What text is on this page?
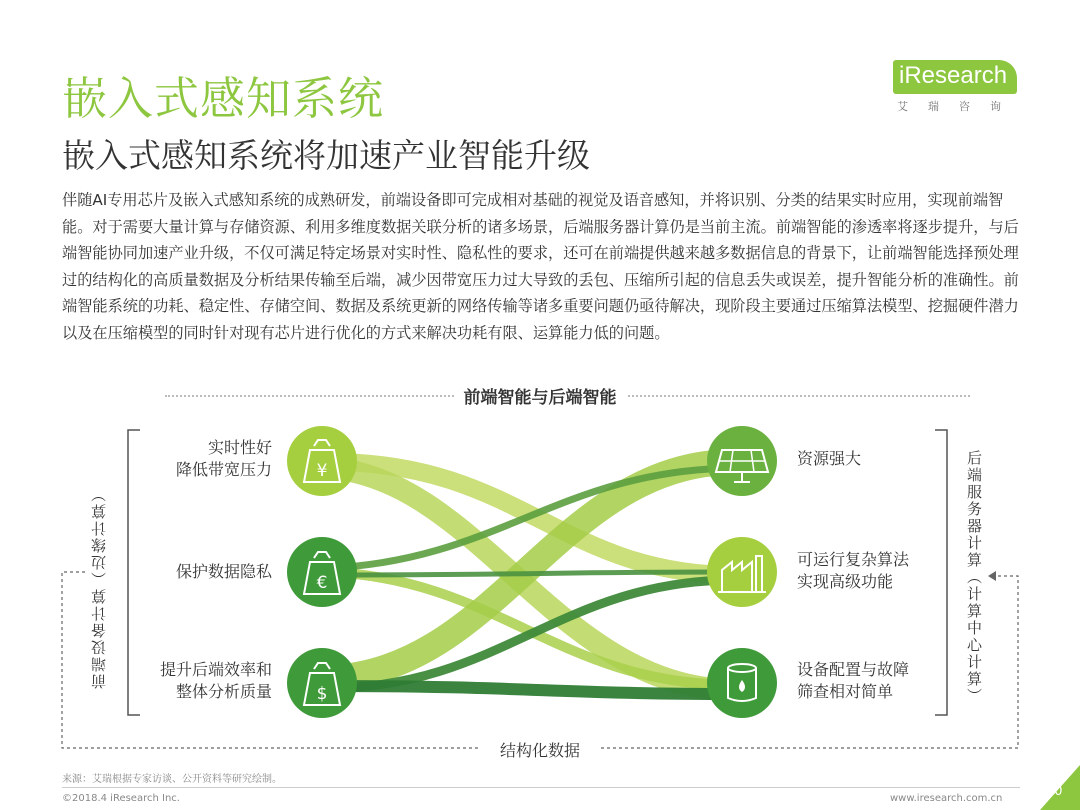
嵌入式感知系统
嵌入式感知系统将加速产业智能升级
iResearch
艾瑞咨询
伴随AI专用芯片及嵌入式感知系统的成熟研发，前端设备即可完成相对基础的视觉及语音感知，并将识别、分类的结果实时应用，实现前端智能。对于需要大量计算与存储资源、利用多维度数据关联分析的诸多场景，后端服务器计算仍是当前主流。前端智能的渗透率将逐步提升，与后端智能协同加速产业升级，不仅可满足特定场景对实时性、隐私性的要求，还可在前端提供越来越多数据信息的背景下，让前端智能选择预处理过的结构化的高质量数据及分析结果传输至后端，减少因带宽压力过大导致的丢包、压缩所引起的信息丢失或误差，提升智能分析的准确性。前端智能系统的功耗、稳定性、存储空间、数据及系统更新的网络传输等诸多重要问题仍亟待解决，现阶段主要通过压缩算法模型、挖掘硬件潜力以及在压缩模型的同时针对现有芯片进行优化的方式来解决功耗有限、运算能力低的问题。
前端智能与后端智能
¥
€
$
实时性好
降低带宽压力
保护数据隐私
提升后端效率和
整体分析质量
资源强大
可运行复杂算法
实现高级功能
设备配置与故障
筛查相对简单
前端设备计算（边缘计算）	后端服务器计算（计算中心计算）
结构化数据
来源：艾瑞根据专家访谈、公开资料等研究绘制。
©2018.4 iResearch Inc.	www.iresearch.com.cn	10
